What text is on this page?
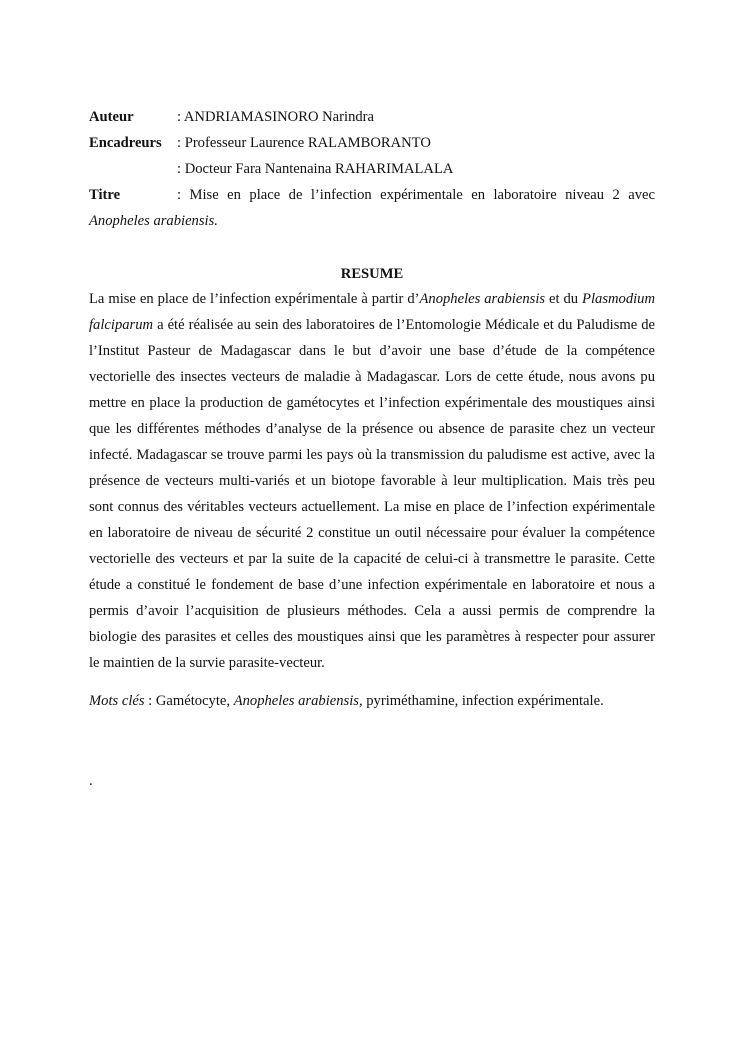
Auteur	: ANDRIAMASINORO Narindra
Encadreurs	: Professeur Laurence RALAMBORANTO
: Docteur Fara Nantenaina RAHARIMALALA
Titre	: Mise en place de l’infection expérimentale en laboratoire niveau 2 avec
Anopheles arabiensis.
RESUME

La mise en place de l’infection expérimentale à partir d’Anopheles arabiensis et du Plasmodium falciparum a été réalisée au sein des laboratoires de l’Entomologie Médicale et du Paludisme de l’Institut Pasteur de Madagascar dans le but d’avoir une base d’étude de la compétence vectorielle des insectes vecteurs de maladie à Madagascar. Lors de cette étude, nous avons pu mettre en place la production de gamétocytes et l’infection expérimentale des moustiques ainsi que les différentes méthodes d’analyse de la présence ou absence de parasite chez un vecteur infecté. Madagascar se trouve parmi les pays où la transmission du paludisme est active, avec la présence de vecteurs multi-variés et un biotope favorable à leur multiplication. Mais très peu sont connus des véritables vecteurs actuellement. La mise en place de l’infection expérimentale en laboratoire de niveau de sécurité 2 constitue un outil nécessaire pour évaluer la compétence vectorielle des vecteurs et par la suite de la capacité de celui-ci à transmettre le parasite. Cette étude a constitué le fondement de base d’une infection expérimentale en laboratoire et nous a permis d’avoir l’acquisition de plusieurs méthodes. Cela a aussi permis de comprendre la biologie des parasites et celles des moustiques ainsi que les paramètres à respecter pour assurer le maintien de la survie parasite-vecteur.

Mots clés : Gamétocyte, Anopheles arabiensis, pyriméthamine, infection expérimentale.
.
